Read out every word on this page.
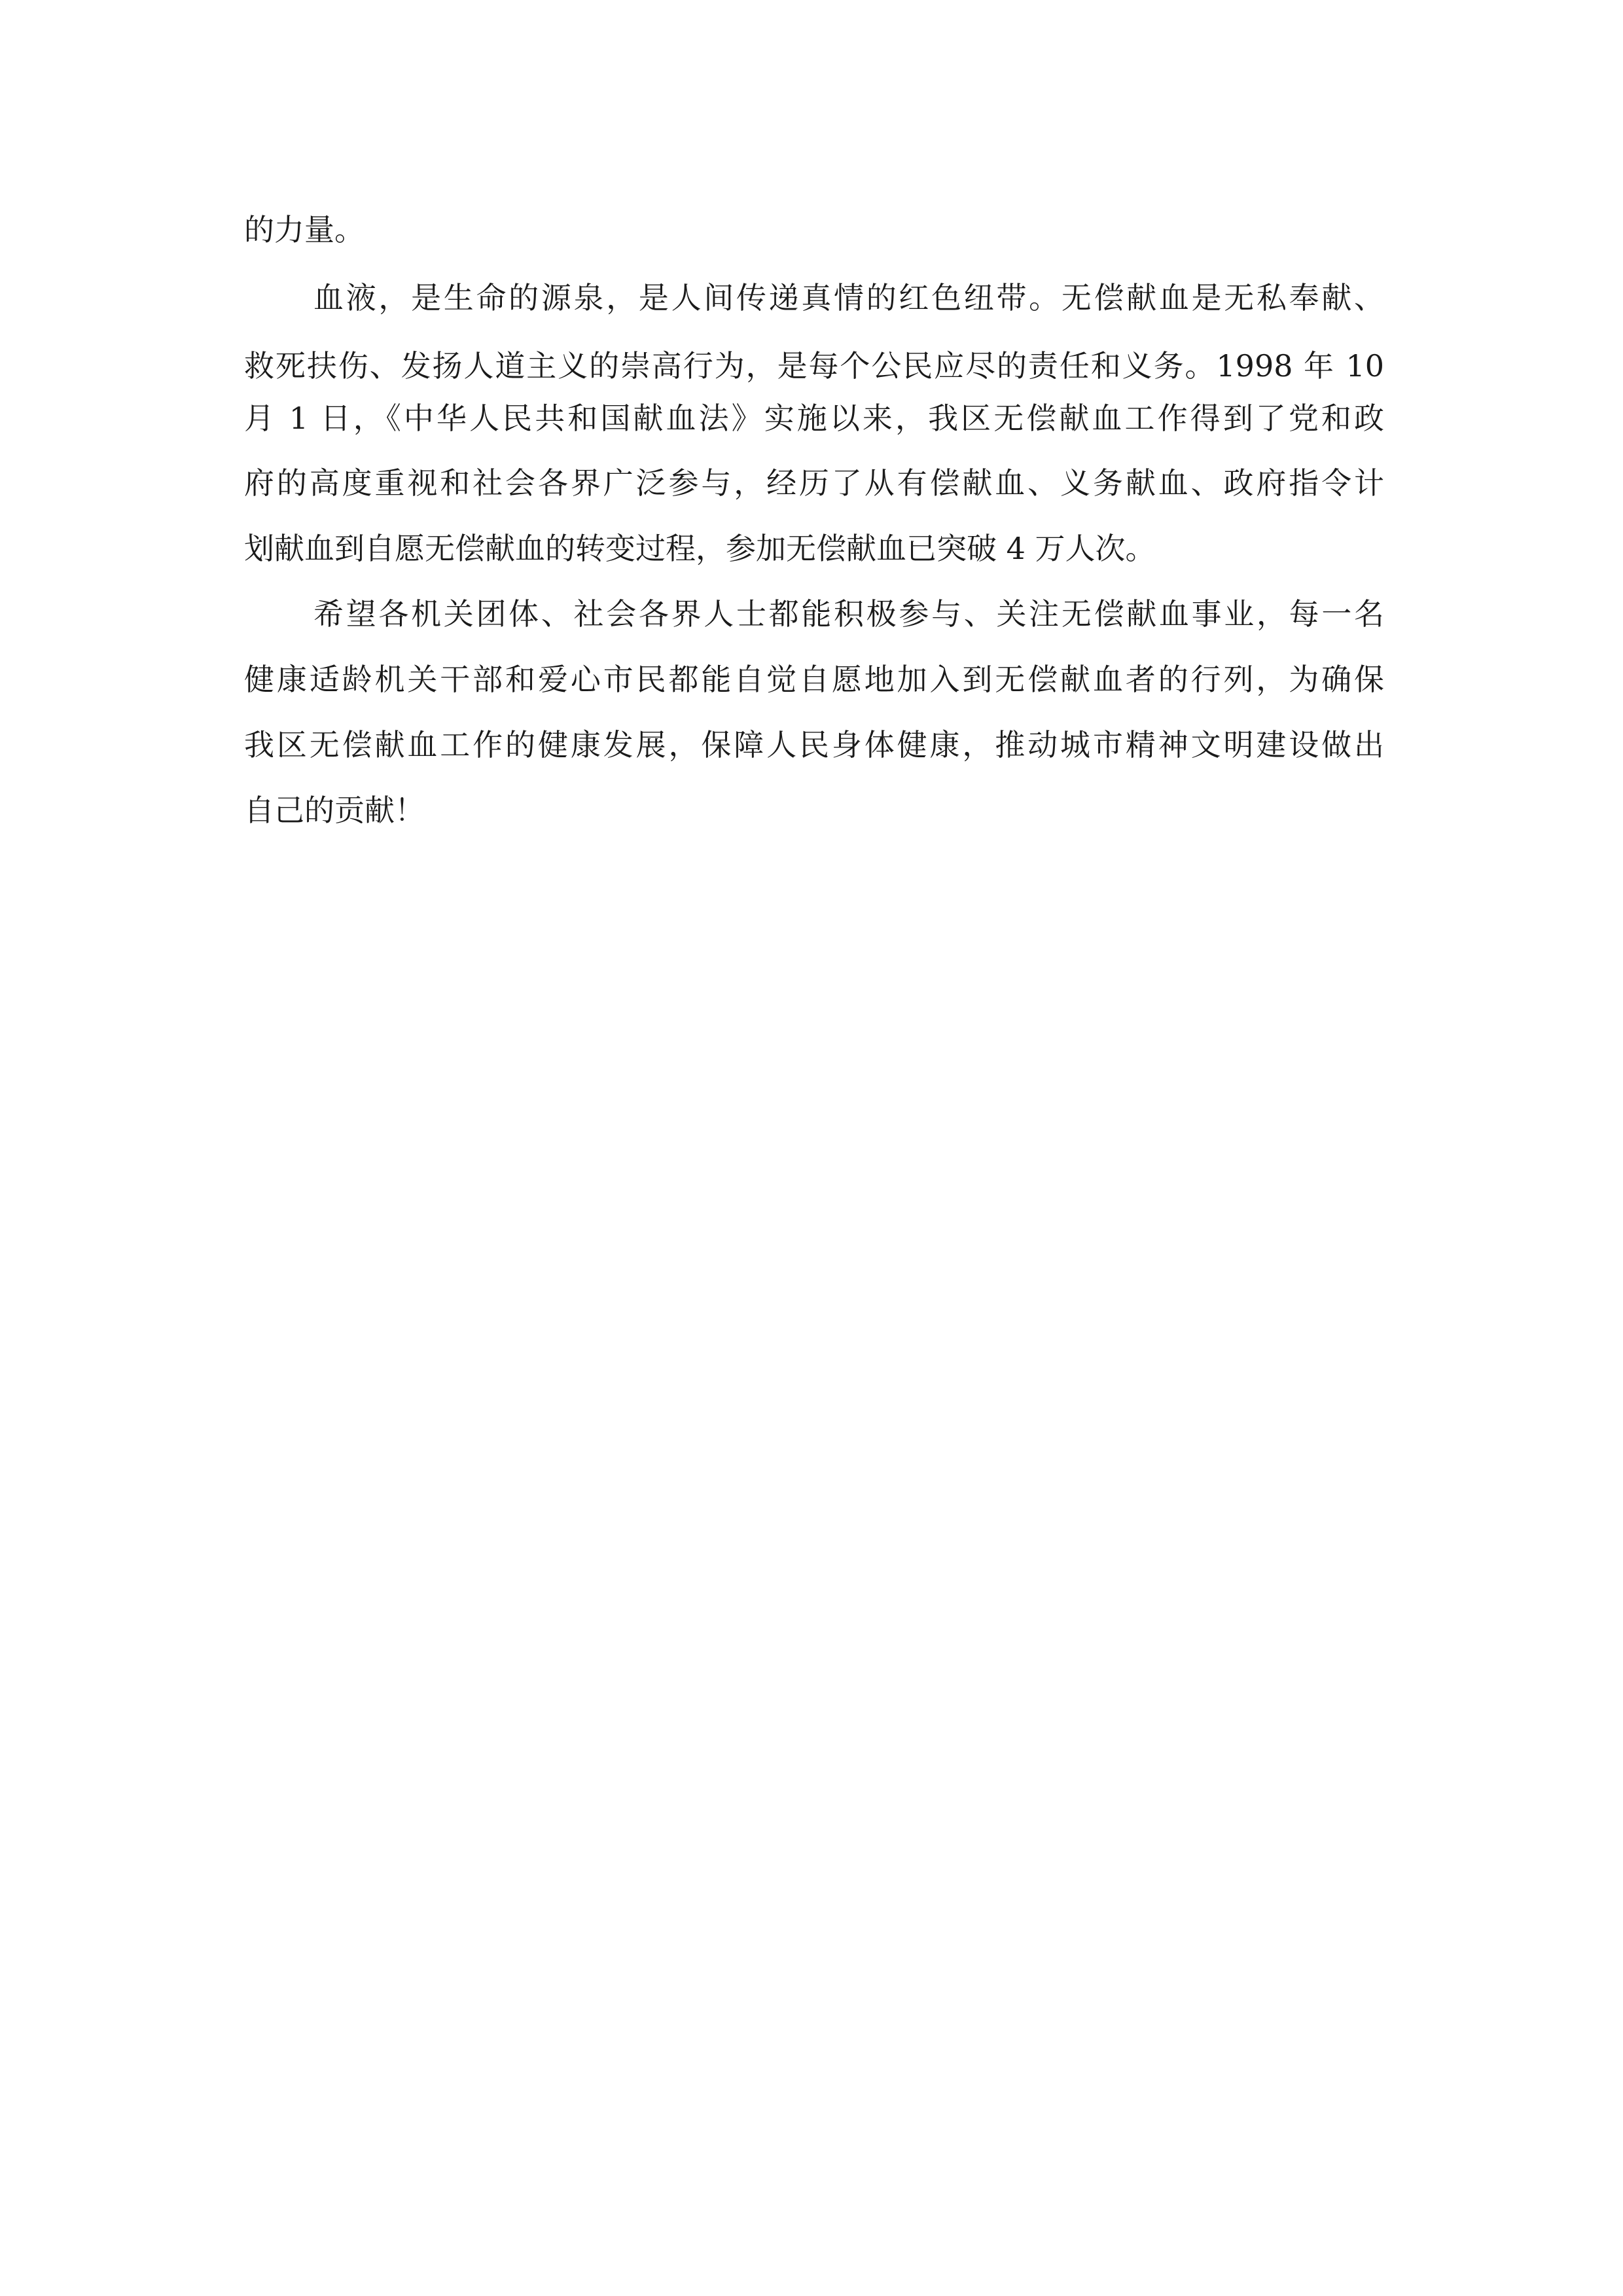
的力量。
血液，是生命的源泉，是人间传递真情的红色纽带。无偿献血是无私奉献、
救死扶伤、发扬人道主义的崇高行为，是每个公民应尽的责任和义务。1998 年 10
月 1 日，《中华人民共和国献血法》实施以来，我区无偿献血工作得到了党和政
府的高度重视和社会各界广泛参与，经历了从有偿献血、义务献血、政府指令计
划献血到自愿无偿献血的转变过程，参加无偿献血已突破 4 万人次。
希望各机关团体、社会各界人士都能积极参与、关注无偿献血事业，每一名
健康适龄机关干部和爱心市民都能自觉自愿地加入到无偿献血者的行列，为确保
我区无偿献血工作的健康发展，保障人民身体健康，推动城市精神文明建设做出
自己的贡献！
